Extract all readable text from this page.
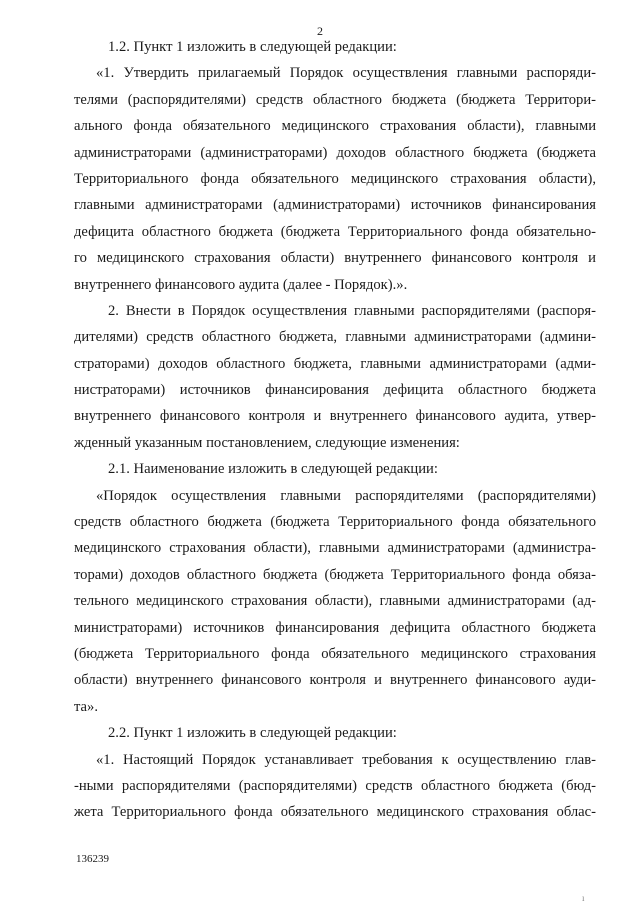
2
1.2. Пункт 1 изложить в следующей редакции:
«1. Утвердить прилагаемый Порядок осуществления главными распоряди-
телями (распорядителями) средств областного бюджета (бюджета Территори-
ального фонда обязательного медицинского страхования области), главными
администраторами (администраторами) доходов областного бюджета (бюджета
Территориального фонда обязательного медицинского страхования области),
главными администраторами (администраторами) источников финансирования
дефицита областного бюджета (бюджета Территориального фонда обязательно-
го медицинского страхования области) внутреннего финансового контроля и
внутреннего финансового аудита (далее - Порядок).».
2. Внести в Порядок осуществления главными распорядителями (распоря-
дителями) средств областного бюджета, главными администраторами (админи-
страторами) доходов областного бюджета, главными администраторами (адми-
нистраторами) источников финансирования дефицита областного бюджета
внутреннего финансового контроля и внутреннего финансового аудита, утвер-
жденный указанным постановлением, следующие изменения:
2.1. Наименование изложить в следующей редакции:
«Порядок осуществления главными распорядителями (распорядителями)
средств областного бюджета (бюджета Территориального фонда обязательного
медицинского страхования области), главными администраторами (администра-
торами) доходов областного бюджета (бюджета Территориального фонда обяза-
тельного медицинского страхования области), главными администраторами (ад-
министраторами) источников финансирования дефицита областного бюджета
(бюджета Территориального фонда обязательного медицинского страхования
области) внутреннего финансового контроля и внутреннего финансового ауди-
та».
2.2. Пункт 1 изложить в следующей редакции:
«1. Настоящий Порядок устанавливает требования к осуществлению глав-
-ными распорядителями (распорядителями) средств областного бюджета (бюд-
жета Территориального фонда обязательного медицинского страхования облас-
136239
ı
